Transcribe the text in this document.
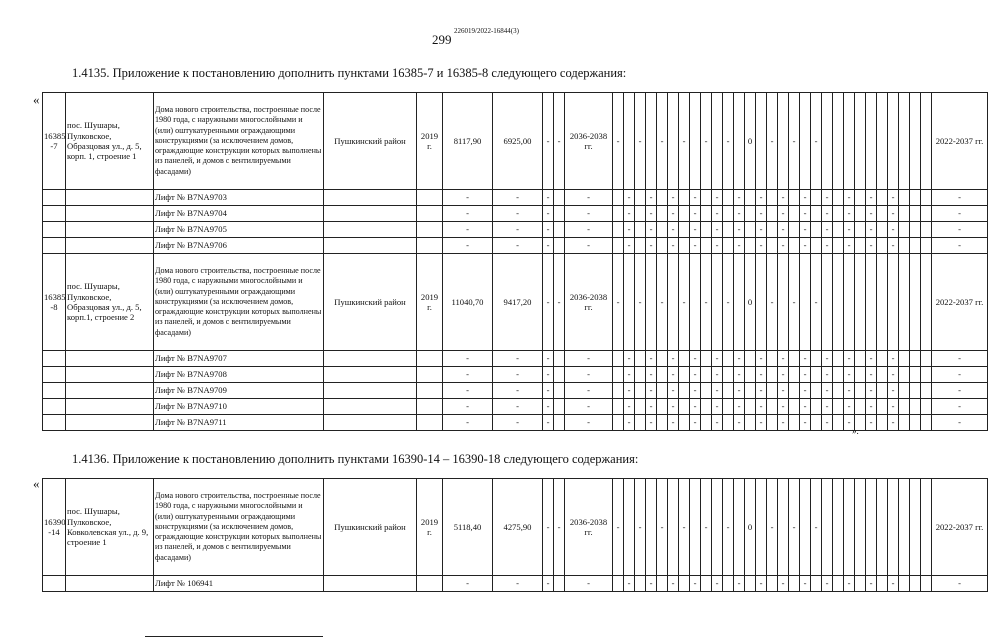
299
226019/2022-16844(3)
1.4135. Приложение к постановлению дополнить пунктами 16385-7 и 16385-8 следующего содержания:
«
16385 -7	пос. Шушары, Пулковское, Образцовая ул., д. 5, корп. 1, строение 1	Дома нового строительства, построенные после 1980 года, с наружными многослойными и (или) оштукатуренными ограждающими конструкциями (за исключением домов, ограждающие конструкции которых выполнены из панелей, и домов с вентилируемыми фасадами)	Пушкинский район	2019 г.	8117,90	6925,00	-	-	2036-2038 гг.	-		-		-		-		-		-		0		-		-		-											2022-2037 гг.
		Лифт № В7NA9703			-	-	-		-		-		-		-		-		-		-		-		-		-		-		-		-		-				-
		Лифт № В7NA9704			-	-	-		-		-		-		-		-		-		-		-		-		-		-		-		-		-				-
		Лифт № В7NA9705			-	-	-		-		-		-		-		-		-		-		-		-		-		-		-		-		-				-
		Лифт № В7NA9706			-	-	-		-		-		-		-		-		-		-		-		-		-		-		-		-		-				-
16385 -8	пос. Шушары, Пулковское, Образцовая ул., д. 5, корп.1, строение 2	Дома нового строительства, построенные после 1980 года, с наружными многослойными и (или) оштукатуренными ограждающими конструкциями (за исключением домов, ограждающие конструкции которых выполнены из панелей, и домов с вентилируемыми фасадами)	Пушкинский район	2019 г.	11040,70	9417,20	-	-	2036-2038 гг.	-		-		-		-		-		-		0		-		-		-											2022-2037 гг.
		Лифт № В7NA9707			-	-	-		-		-		-		-		-		-		-		-		-		-		-		-		-		-				-
		Лифт № В7NA9708			-	-	-		-		-		-		-		-		-		-		-		-		-		-		-		-		-				-
		Лифт № В7NA9709			-	-	-		-		-		-		-		-		-		-		-		-		-		-		-		-		-				-
		Лифт № В7NA9710			-	-	-		-		-		-		-		-		-		-		-		-		-		-		-		-		-				-
		Лифт № В7NA9711			-	-	-		-		-		-		-		-		-		-		-		-		-		-		-		-		-				-
».
1.4136. Приложение к постановлению дополнить пунктами 16390-14 – 16390-18 следующего содержания:
«
16390 -14	пос. Шушары, Пулковское, Ковколевская ул., д. 9, строение 1	Дома нового строительства, построенные после 1980 года, с наружными многослойными и (или) оштукатуренными ограждающими конструкциями (за исключением домов, ограждающие конструкции которых выполнены из панелей, и домов с вентилируемыми фасадами)	Пушкинский район	2019 г.	5118,40	4275,90	-	-	2036-2038 гг.	-		-		-		-		-		-		0		-		-		-											2022-2037 гг.
		Лифт № 106941			-	-	-		-		-		-		-		-		-		-		-		-		-		-		-		-		-				-
